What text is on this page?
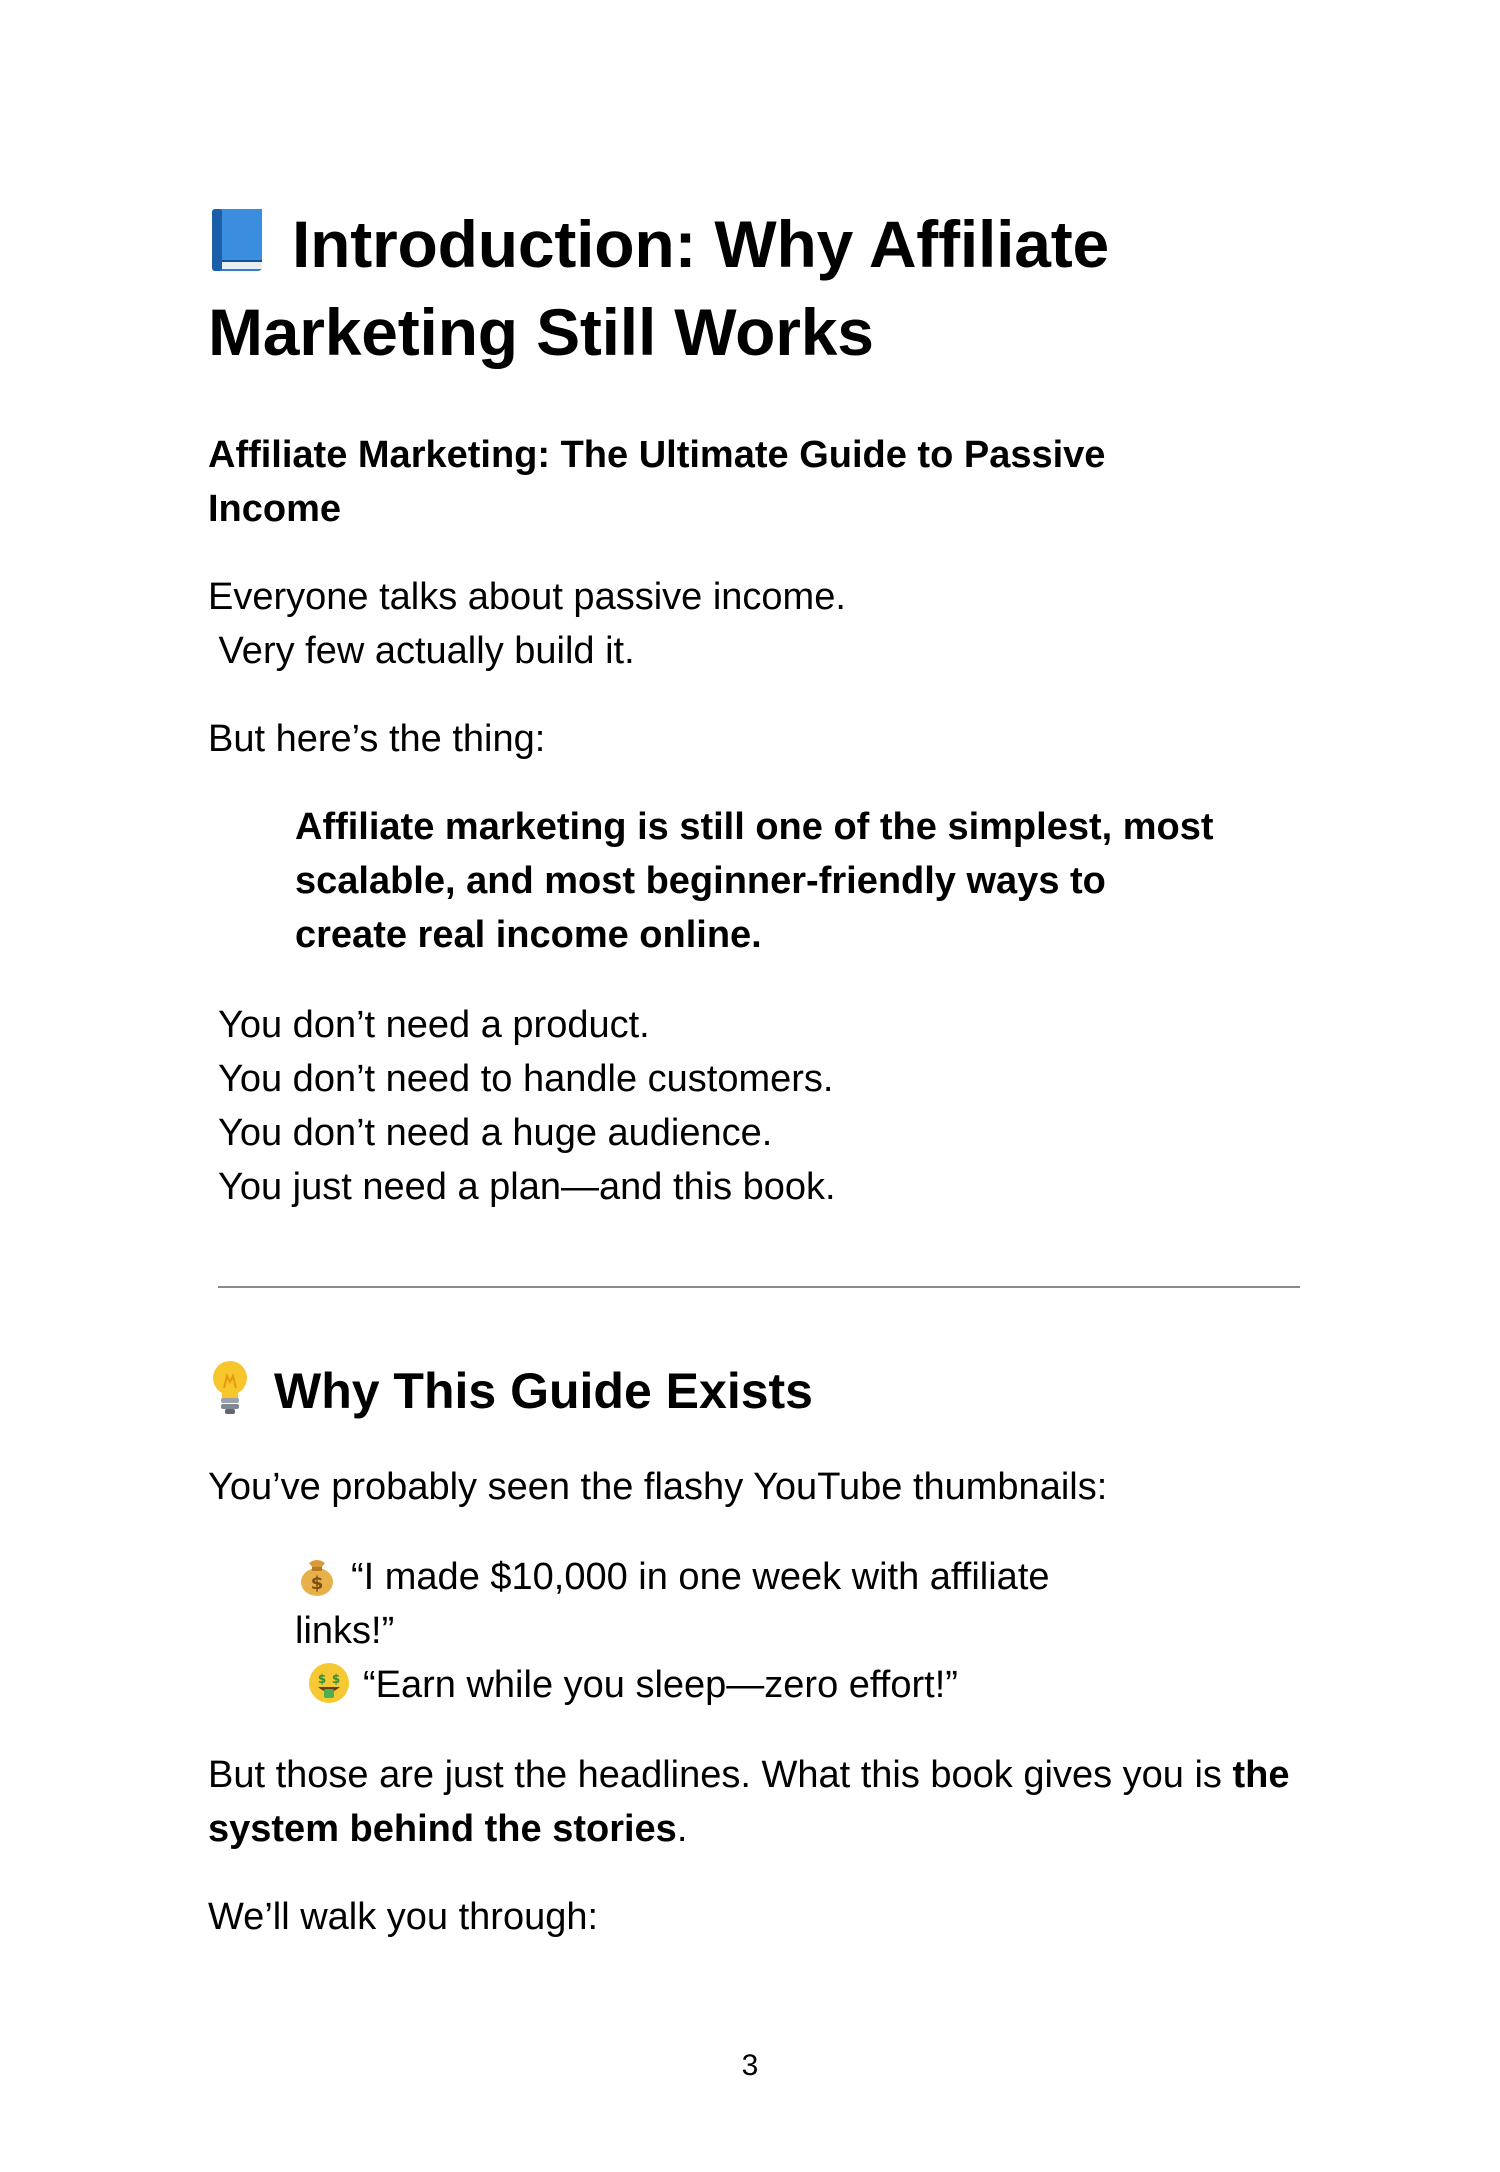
Introduction: Why Affiliate Marketing Still Works
Affiliate Marketing: The Ultimate Guide to Passive Income

Everyone talks about passive income.
Very few actually build it.

But here’s the thing:

Affiliate marketing is still one of the simplest, most scalable, and most beginner-friendly ways to create real income online.
You don’t need a product.
You don’t need to handle customers.
You don’t need a huge audience.
You just need a plan—and this book.
Why This Guide Exists

You’ve probably seen the flashy YouTube thumbnails:

$ “I made $10,000 in one week with affiliate links!”
$ $ “Earn while you sleep—zero effort!”

But those are just the headlines. What this book gives you is the system behind the stories.

We’ll walk you through:

3
